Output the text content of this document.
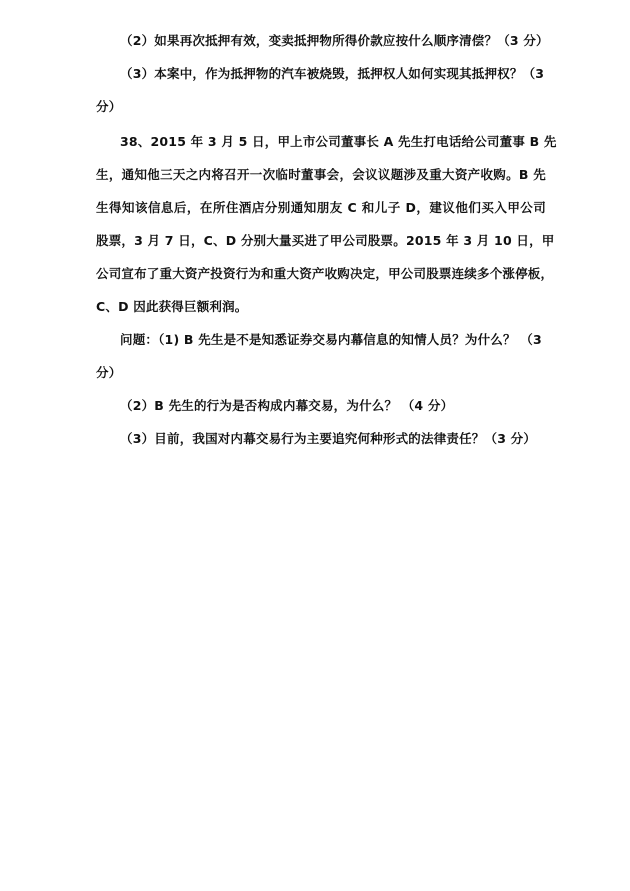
（2）如果再次抵押有效，变卖抵押物所得价款应按什么顺序清偿？（3 分）
（3）本案中，作为抵押物的汽车被烧毁，抵押权人如何实现其抵押权？（3
分）
38、2015 年 3 月 5 日，甲上市公司董事长 A 先生打电话给公司董事 B 先
生，通知他三天之内将召开一次临时董事会，会议议题涉及重大资产收购。B 先
生得知该信息后，在所住酒店分别通知朋友 C 和儿子 D，建议他们买入甲公司
股票，3 月 7 日，C、D 分别大量买进了甲公司股票。2015 年 3 月 10 日，甲
公司宣布了重大资产投资行为和重大资产收购决定，甲公司股票连续多个涨停板，
C、D 因此获得巨额利润。
问题：（1) B 先生是不是知悉证券交易内幕信息的知情人员？为什么？ （3
分）
（2）B 先生的行为是否构成内幕交易，为什么？ （4 分）
（3）目前，我国对内幕交易行为主要追究何种形式的法律责任？（3 分）
